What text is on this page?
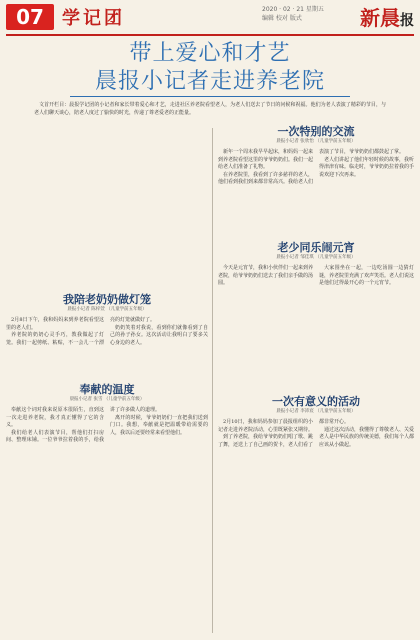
07	学记团	2020 · 02 · 21 星期五
编辑 校对 版式	新晨报
带上爱心和才艺
晨报小记者走进养老院
文首开栏目：晨报学记团的小记者和家长带着爱心和才艺，走进社区养老院看望老人，为老人们送去了节日的问候和祝福。他们为老人表演了精彩的节目，与老人们聊天谈心，陪老人度过了愉快的时光，传递了尊老爱老的正能量。
一次特别的交流
晨报小记者 张欣怡 （儿童学前五年级）

新年一个周末我早早起床，和妈妈一起来到养老院看望这里的爷爷奶奶们。我们一起给老人们准备了礼物。

在养老院里，我看到了许多慈祥的老人，他们看到我们到来都非常高兴。我给老人们表演了节目，爷爷奶奶们都鼓起了掌。

老人们讲起了他们年轻时候的故事，我听得津津有味。临走时，爷爷奶奶拉着我的手说欢迎下次再来。

老少同乐闹元宵
晨报小记者 邹佳琪 （儿童学前五年级）

今天是元宵节，我和小伙伴们一起来到养老院，给爷爷奶奶们送去了我们亲手做的汤圆。

大家围坐在一起，一边吃汤圆一边猜灯谜，养老院里充满了欢声笑语。老人们说这是他们过得最开心的一个元宵节。

我陪老奶奶做灯笼
晨报小记者 陈梓萱 （儿童学前五年级）

2月8日下午，我和妈妈来到养老院看望这里的老人们。

养老院的奶奶心灵手巧，教我做起了灯笼。我们一起剪纸、粘贴，不一会儿一个漂亮的灯笼就做好了。

奶奶笑着对我说，看到你们就像看到了自己的孙子孙女。这次活动让我明白了要多关心身边的老人。

奉献的温度
晨报小记者 张雪 （儿童学前五年级）

奉献这个词对我来说原本很陌生，直到这一次走进养老院，我才真正懂得了它的含义。

我们给老人们表演节目，帮他们打扫房间、整理床铺。一位爷爷拉着我的手，给我讲了许多做人的道理。

离开的时候，爷爷奶奶们一直把我们送到门口。我想，奉献就是把温暖带给需要的人，我以后还要经常来看望他们。

一次有意义的活动
晨报小记者 李沛宸 （儿童学前五年级）

2月10日，我和妈妈参加了晨报组织的小记者走进养老院活动，心里既紧张又期待。

到了养老院，我给爷爷奶奶们唱了歌、跳了舞，还送上了自己画的贺卡，老人们看了都非常开心。

通过这次活动，我懂得了尊敬老人、关爱老人是中华民族的传统美德，我们每个人都应该从小做起。
